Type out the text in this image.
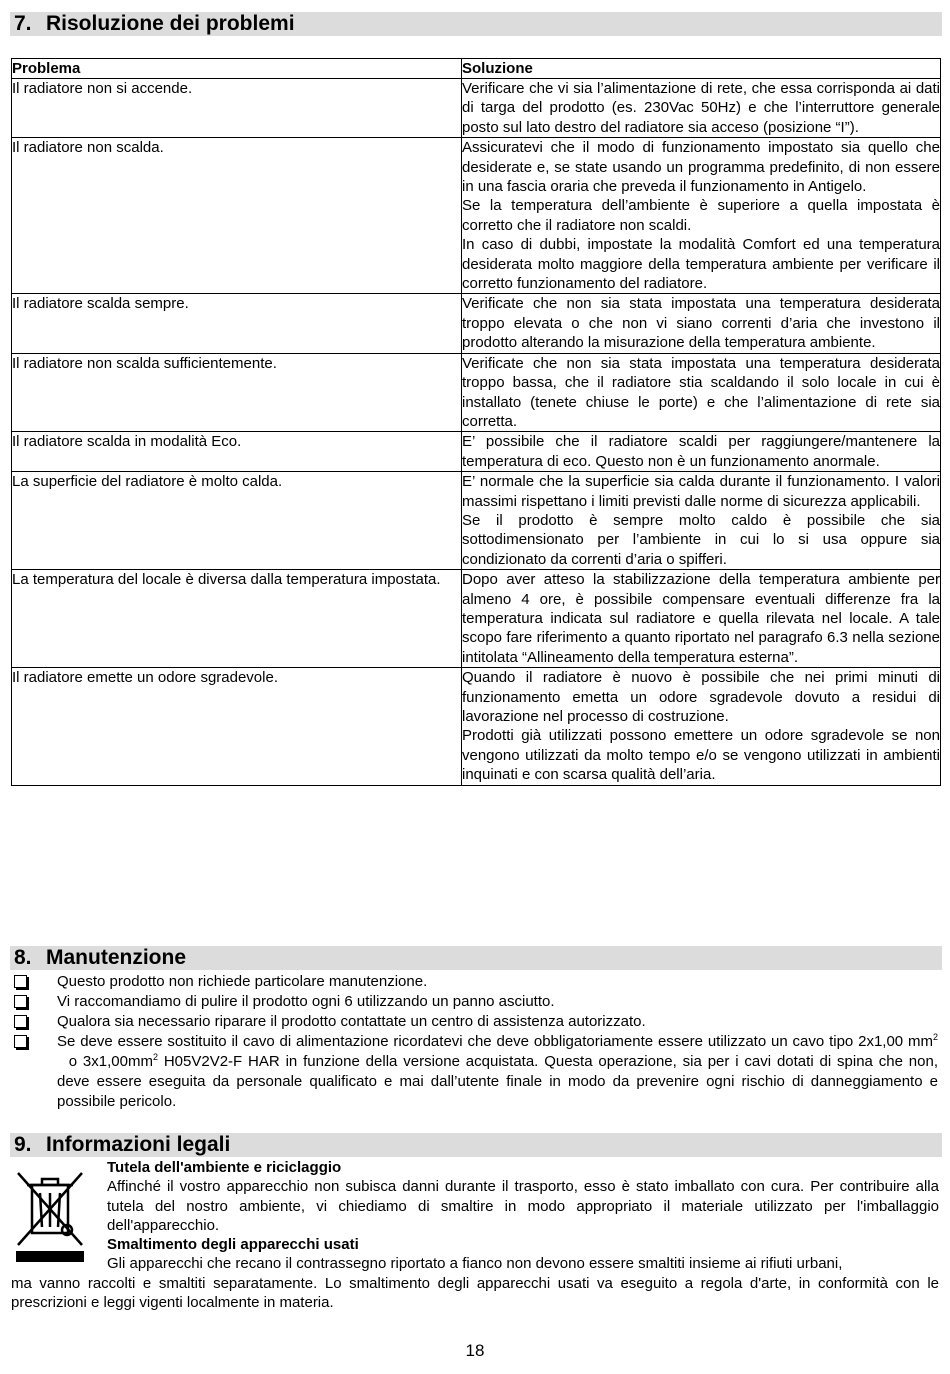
7. Risoluzione dei problemi
Problema	Soluzione
Il radiatore non si accende.	Verificare che vi sia l’alimentazione di rete, che essa corrisponda ai dati di targa del prodotto (es. 230Vac 50Hz) e che l’interruttore generale posto sul lato destro del radiatore sia acceso (posizione “I”).

Il radiatore non scalda.	Assicuratevi che il modo di funzionamento impostato sia quello che desiderate e, se state usando un programma predefinito, di non essere in una fascia oraria che preveda il funzionamento in Antigelo.

Se la temperatura dell’ambiente è superiore a quella impostata è corretto che il radiatore non scaldi.

In caso di dubbi, impostate la modalità Comfort ed una temperatura desiderata molto maggiore della temperatura ambiente per verificare il corretto funzionamento del radiatore.

Il radiatore scalda sempre.	Verificate che non sia stata impostata una temperatura desiderata troppo elevata o che non vi siano correnti d’aria che investono il prodotto alterando la misurazione della temperatura ambiente.

Il radiatore non scalda sufficientemente.	Verificate che non sia stata impostata una temperatura desiderata troppo bassa, che il radiatore stia scaldando il solo locale in cui è installato (tenete chiuse le porte) e che l’alimentazione di rete sia corretta.

Il radiatore scalda in modalità Eco.	E’ possibile che il radiatore scaldi per raggiungere/mantenere la temperatura di eco. Questo non è un funzionamento anormale.

La superficie del radiatore è molto calda.	E’ normale che la superficie sia calda durante il funzionamento. I valori massimi rispettano i limiti previsti dalle norme di sicurezza applicabili.

Se il prodotto è sempre molto caldo è possibile che sia sottodimensionato per l’ambiente in cui lo si usa oppure sia condizionato da correnti d’aria o spifferi.

La temperatura del locale è diversa dalla temperatura impostata.	Dopo aver atteso la stabilizzazione della temperatura ambiente per almeno 4 ore, è possibile compensare eventuali differenze fra la temperatura indicata sul radiatore e quella rilevata nel locale. A tale scopo fare riferimento a quanto riportato nel paragrafo 6.3 nella sezione intitolata “Allineamento della temperatura esterna”.

Il radiatore emette un odore sgradevole.	Quando il radiatore è nuovo è possibile che nei primi minuti di funzionamento emetta un odore sgradevole dovuto a residui di lavorazione nel processo di costruzione.

Prodotti già utilizzati possono emettere un odore sgradevole se non vengono utilizzati da molto tempo e/o se vengono utilizzati in ambienti inquinati e con scarsa qualità dell’aria.

8. Manutenzione
Questo prodotto non richiede particolare manutenzione.
Vi raccomandiamo di pulire il prodotto ogni 6 utilizzando un panno asciutto.
Qualora sia necessario riparare il prodotto contattate un centro di assistenza autorizzato.
Se deve essere sostituito il cavo di alimentazione ricordatevi che deve obbligatoriamente essere utilizzato un cavo tipo 2x1,00 $mm^2$  o $3x1,00mm^2$ H05V2V2-F HAR in funzione della versione acquistata. Questa operazione, sia per i cavi dotati di spina che non, deve essere eseguita da personale qualificato e mai dall’utente finale in modo da prevenire ogni rischio di danneggiamento e possibile pericolo.
9. Informazioni legali
Tutela dell'ambiente e riciclaggio
Affinché il vostro apparecchio non subisca danni durante il trasporto, esso è stato imballato con cura. Per contribuire alla tutela del nostro ambiente, vi chiediamo di smaltire in modo appropriato il materiale utilizzato per l'imballaggio dell'apparecchio.
Smaltimento degli apparecchi usati
Gli apparecchi che recano il contrassegno riportato a fianco non devono essere smaltiti insieme ai rifiuti urbani,
ma vanno raccolti e smaltiti separatamente. Lo smaltimento degli apparecchi usati va eseguito a regola d'arte, in conformità con le prescrizioni e leggi vigenti localmente in materia.
18
